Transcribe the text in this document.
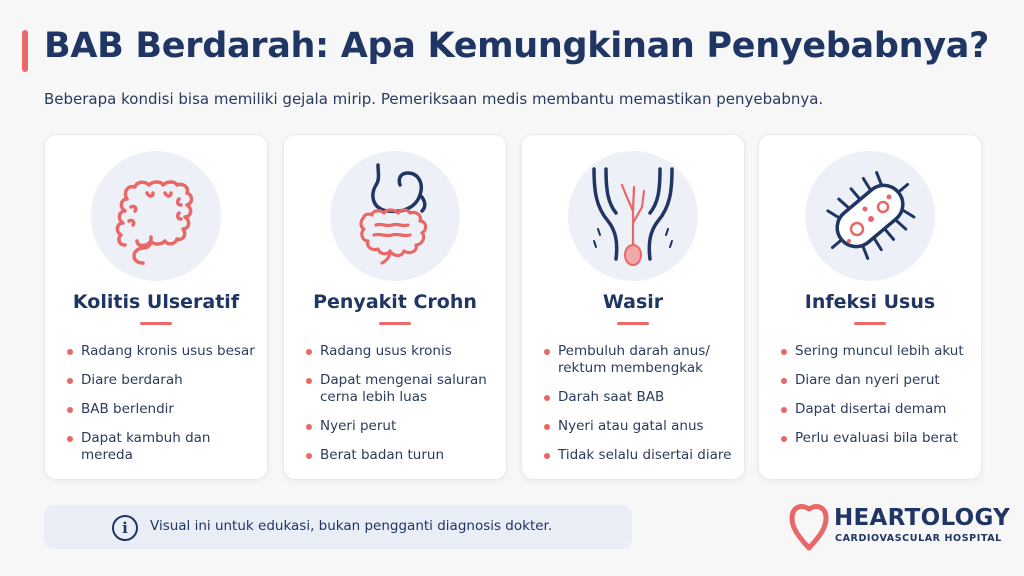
BAB Berdarah: Apa Kemungkinan Penyebabnya?
Beberapa kondisi bisa memiliki gejala mirip. Pemeriksaan medis membantu memastikan penyebabnya.
Kolitis Ulseratif
Radang kronis usus besar
Diare berdarah
BAB berlendir
Dapat kambuh dan mereda
Penyakit Crohn
Radang usus kronis
Dapat mengenai saluran cerna lebih luas
Nyeri perut
Berat badan turun
Wasir
Pembuluh darah anus/ rektum membengkak
Darah saat BAB
Nyeri atau gatal anus
Tidak selalu disertai diare
Infeksi Usus
Sering muncul lebih akut
Diare dan nyeri perut
Dapat disertai demam
Perlu evaluasi bila berat
i	Visual ini untuk edukasi, bukan pengganti diagnosis dokter.	HEARTOLOGY
CARDIOVASCULAR HOSPITAL
